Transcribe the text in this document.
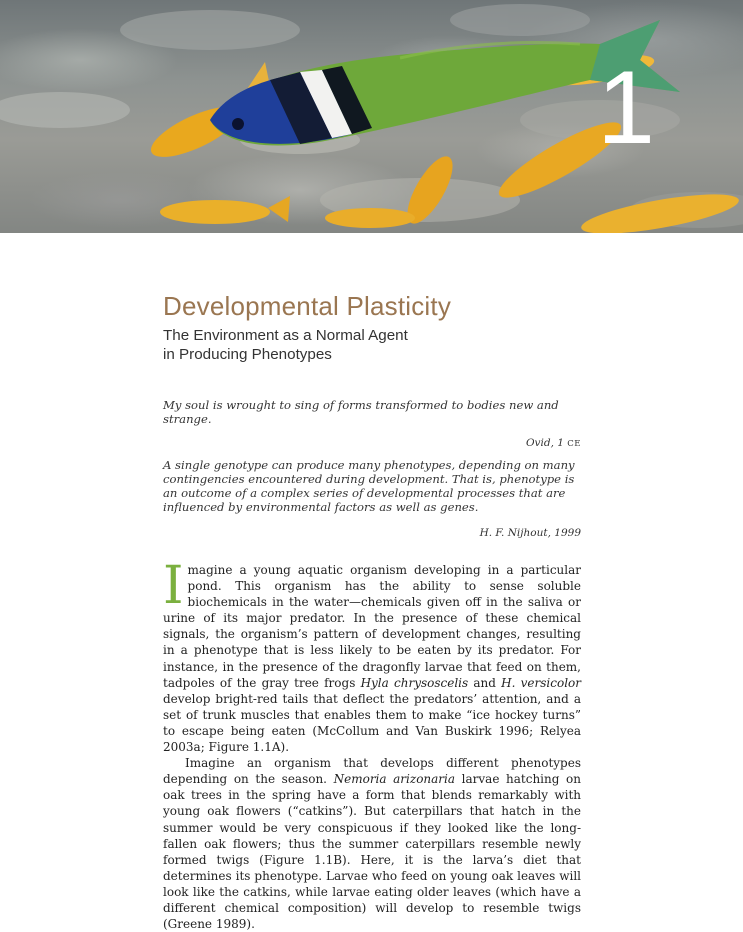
1
Developmental Plasticity
The Environment as a Normal Agent
in Producing Phenotypes

My soul is wrought to sing of forms transformed to bodies new and strange.

Ovid, 1 CE

A single genotype can produce many phenotypes, depending on many contingencies encountered during development. That is, phenotype is an outcome of a complex series of developmental processes that are influenced by environmental factors as well as genes.

H. F. Nijhout, 1999

Imagine a young aquatic organism developing in a particular pond. This organism has the ability to sense soluble biochemicals in the water—chemicals given off in the saliva or urine of its major predator. In the presence of these chemical signals, the organism’s pattern of development changes, resulting in a phenotype that is less likely to be eaten by its predator. For instance, in the presence of the dragonfly larvae that feed on them, tadpoles of the gray tree frogs Hyla chrysoscelis and H. versicolor develop bright-red tails that deflect the predators’ attention, and a set of trunk muscles that enables them to make “ice hockey turns” to escape being eaten (McCollum and Van Buskirk 1996; Relyea 2003a; Figure 1.1A).

Imagine an organism that develops different phenotypes depending on the season. Nemoria arizonaria larvae hatching on oak trees in the spring have a form that blends remarkably with young oak flowers (“catkins”). But caterpillars that hatch in the summer would be very conspicuous if they looked like the long-fallen oak flowers; thus the summer caterpillars resemble newly formed twigs (Figure 1.1B). Here, it is the larva’s diet that determines its phenotype. Larvae who feed on young oak leaves will look like the catkins, while larvae eating older leaves (which have a different chemical composition) will develop to resemble twigs (Greene 1989).
